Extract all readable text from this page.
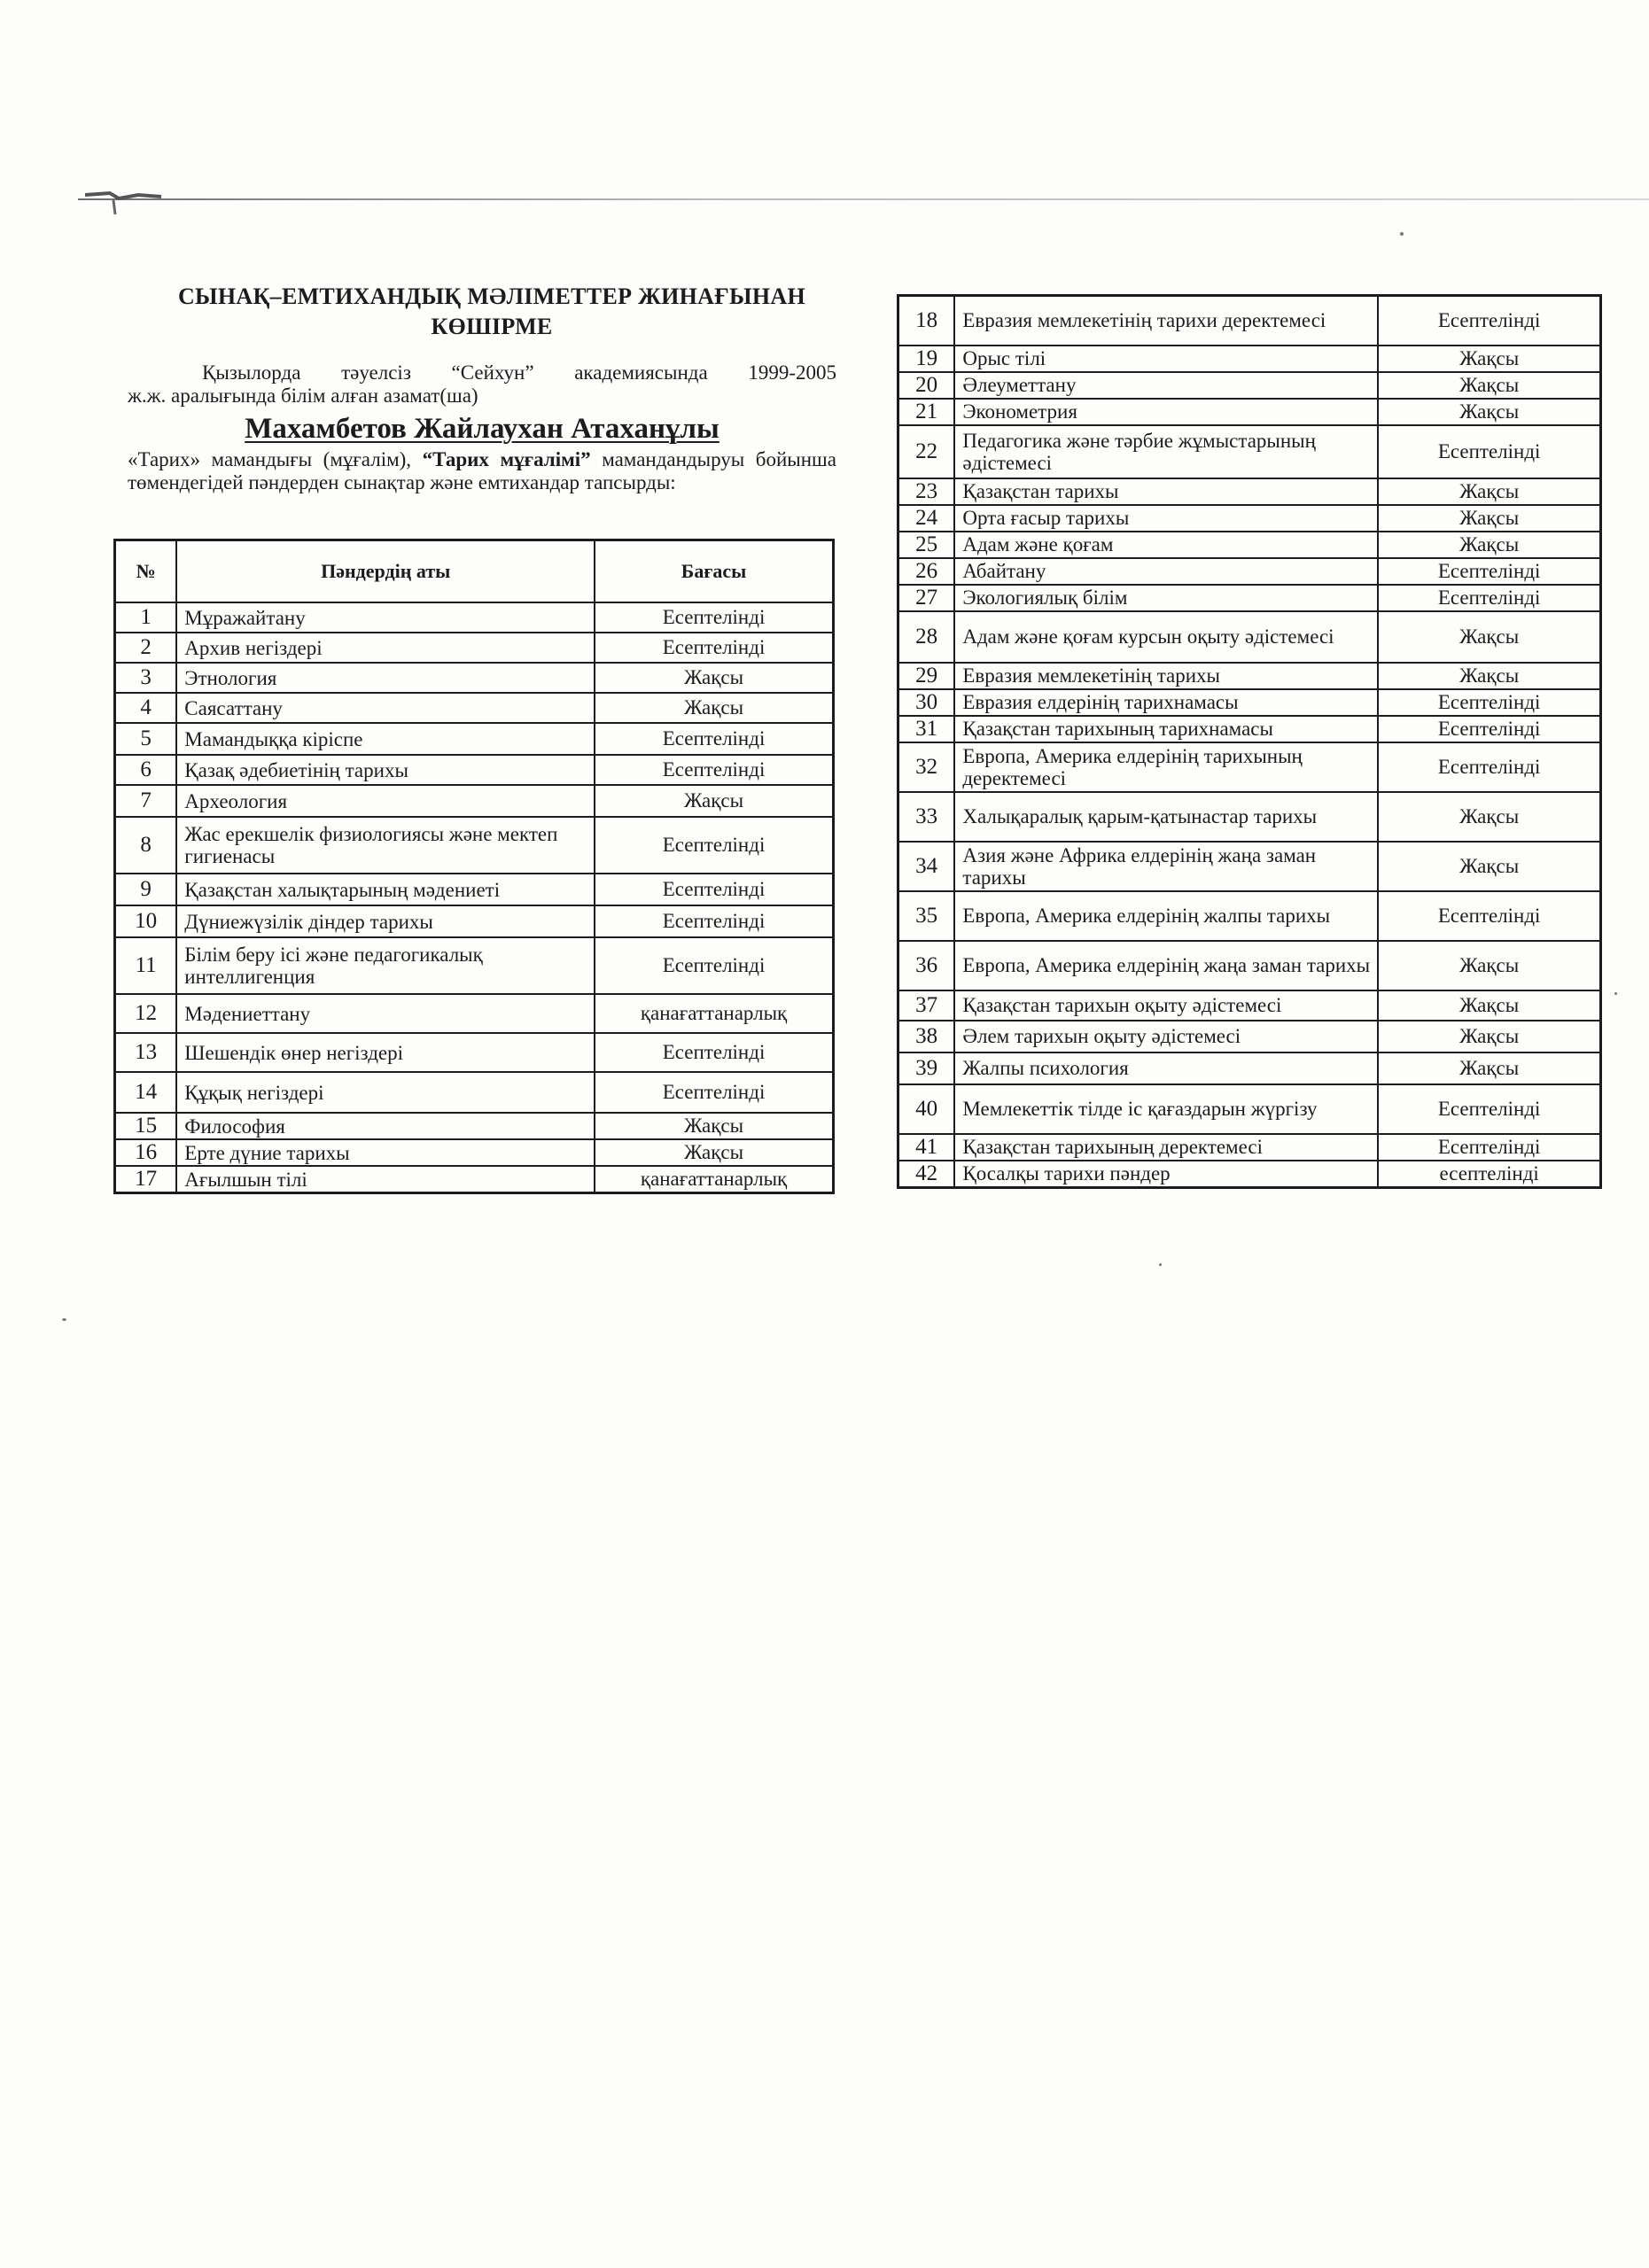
СЫНАҚ–ЕМТИХАНДЫҚ МӘЛІМЕТТЕР ЖИНАҒЫНАН
КӨШІРМЕ

Қызылорда тәуелсіз “Сейхун” академиясында 1999-2005

ж.ж. аралығында білім алған азамат(ша)

Махамбетов Жайлаухан Атаханұлы

«Тарих» мамандығы (мұғалім), “Тарих мұғалімі” мамандандыруы бойынша төмендегідей пәндерден сынақтар және емтихандар тапсырды:

№	Пәндердің аты	Бағасы
1	Мұражайтану	Есептелінді
2	Архив негіздері	Есептелінді
3	Этнология	Жақсы
4	Саясаттану	Жақсы
5	Мамандыққа кіріспе	Есептелінді
6	Қазақ әдебиетінің тарихы	Есептелінді
7	Археология	Жақсы
8	Жас ерекшелік физиологиясы және мектеп гигиенасы	Есептелінді
9	Қазақстан халықтарының мәдениеті	Есептелінді
10	Дүниежүзілік діндер тарихы	Есептелінді
11	Білім беру ісі және педагогикалық интеллигенция	Есептелінді
12	Мәдениеттану	қанағаттанарлық
13	Шешендік өнер негіздері	Есептелінді
14	Құқық негіздері	Есептелінді
15	Философия	Жақсы
16	Ерте дүние тарихы	Жақсы
17	Ағылшын тілі	қанағаттанарлық
18	Евразия мемлекетінің тарихи деректемесі	Есептелінді
19	Орыс тілі	Жақсы
20	Әлеуметтану	Жақсы
21	Эконометрия	Жақсы
22	Педагогика және тәрбие жұмыстарының әдістемесі	Есептелінді
23	Қазақстан тарихы	Жақсы
24	Орта ғасыр тарихы	Жақсы
25	Адам және қоғам	Жақсы
26	Абайтану	Есептелінді
27	Экологиялық білім	Есептелінді
28	Адам және қоғам курсын оқыту әдістемесі	Жақсы
29	Евразия мемлекетінің тарихы	Жақсы
30	Евразия елдерінің тарихнамасы	Есептелінді
31	Қазақстан тарихының тарихнамасы	Есептелінді
32	Европа, Америка елдерінің тарихының деректемесі	Есептелінді
33	Халықаралық қарым-қатынастар тарихы	Жақсы
34	Азия және Африка елдерінің жаңа заман тарихы	Жақсы
35	Европа, Америка елдерінің жалпы тарихы	Есептелінді
36	Европа, Америка елдерінің жаңа заман тарихы	Жақсы
37	Қазақстан тарихын оқыту әдістемесі	Жақсы
38	Әлем тарихын оқыту әдістемесі	Жақсы
39	Жалпы психология	Жақсы
40	Мемлекеттік тілде іс қағаздарын жүргізу	Есептелінді
41	Қазақстан тарихының деректемесі	Есептелінді
42	Қосалқы тарихи пәндер	есептелінді
